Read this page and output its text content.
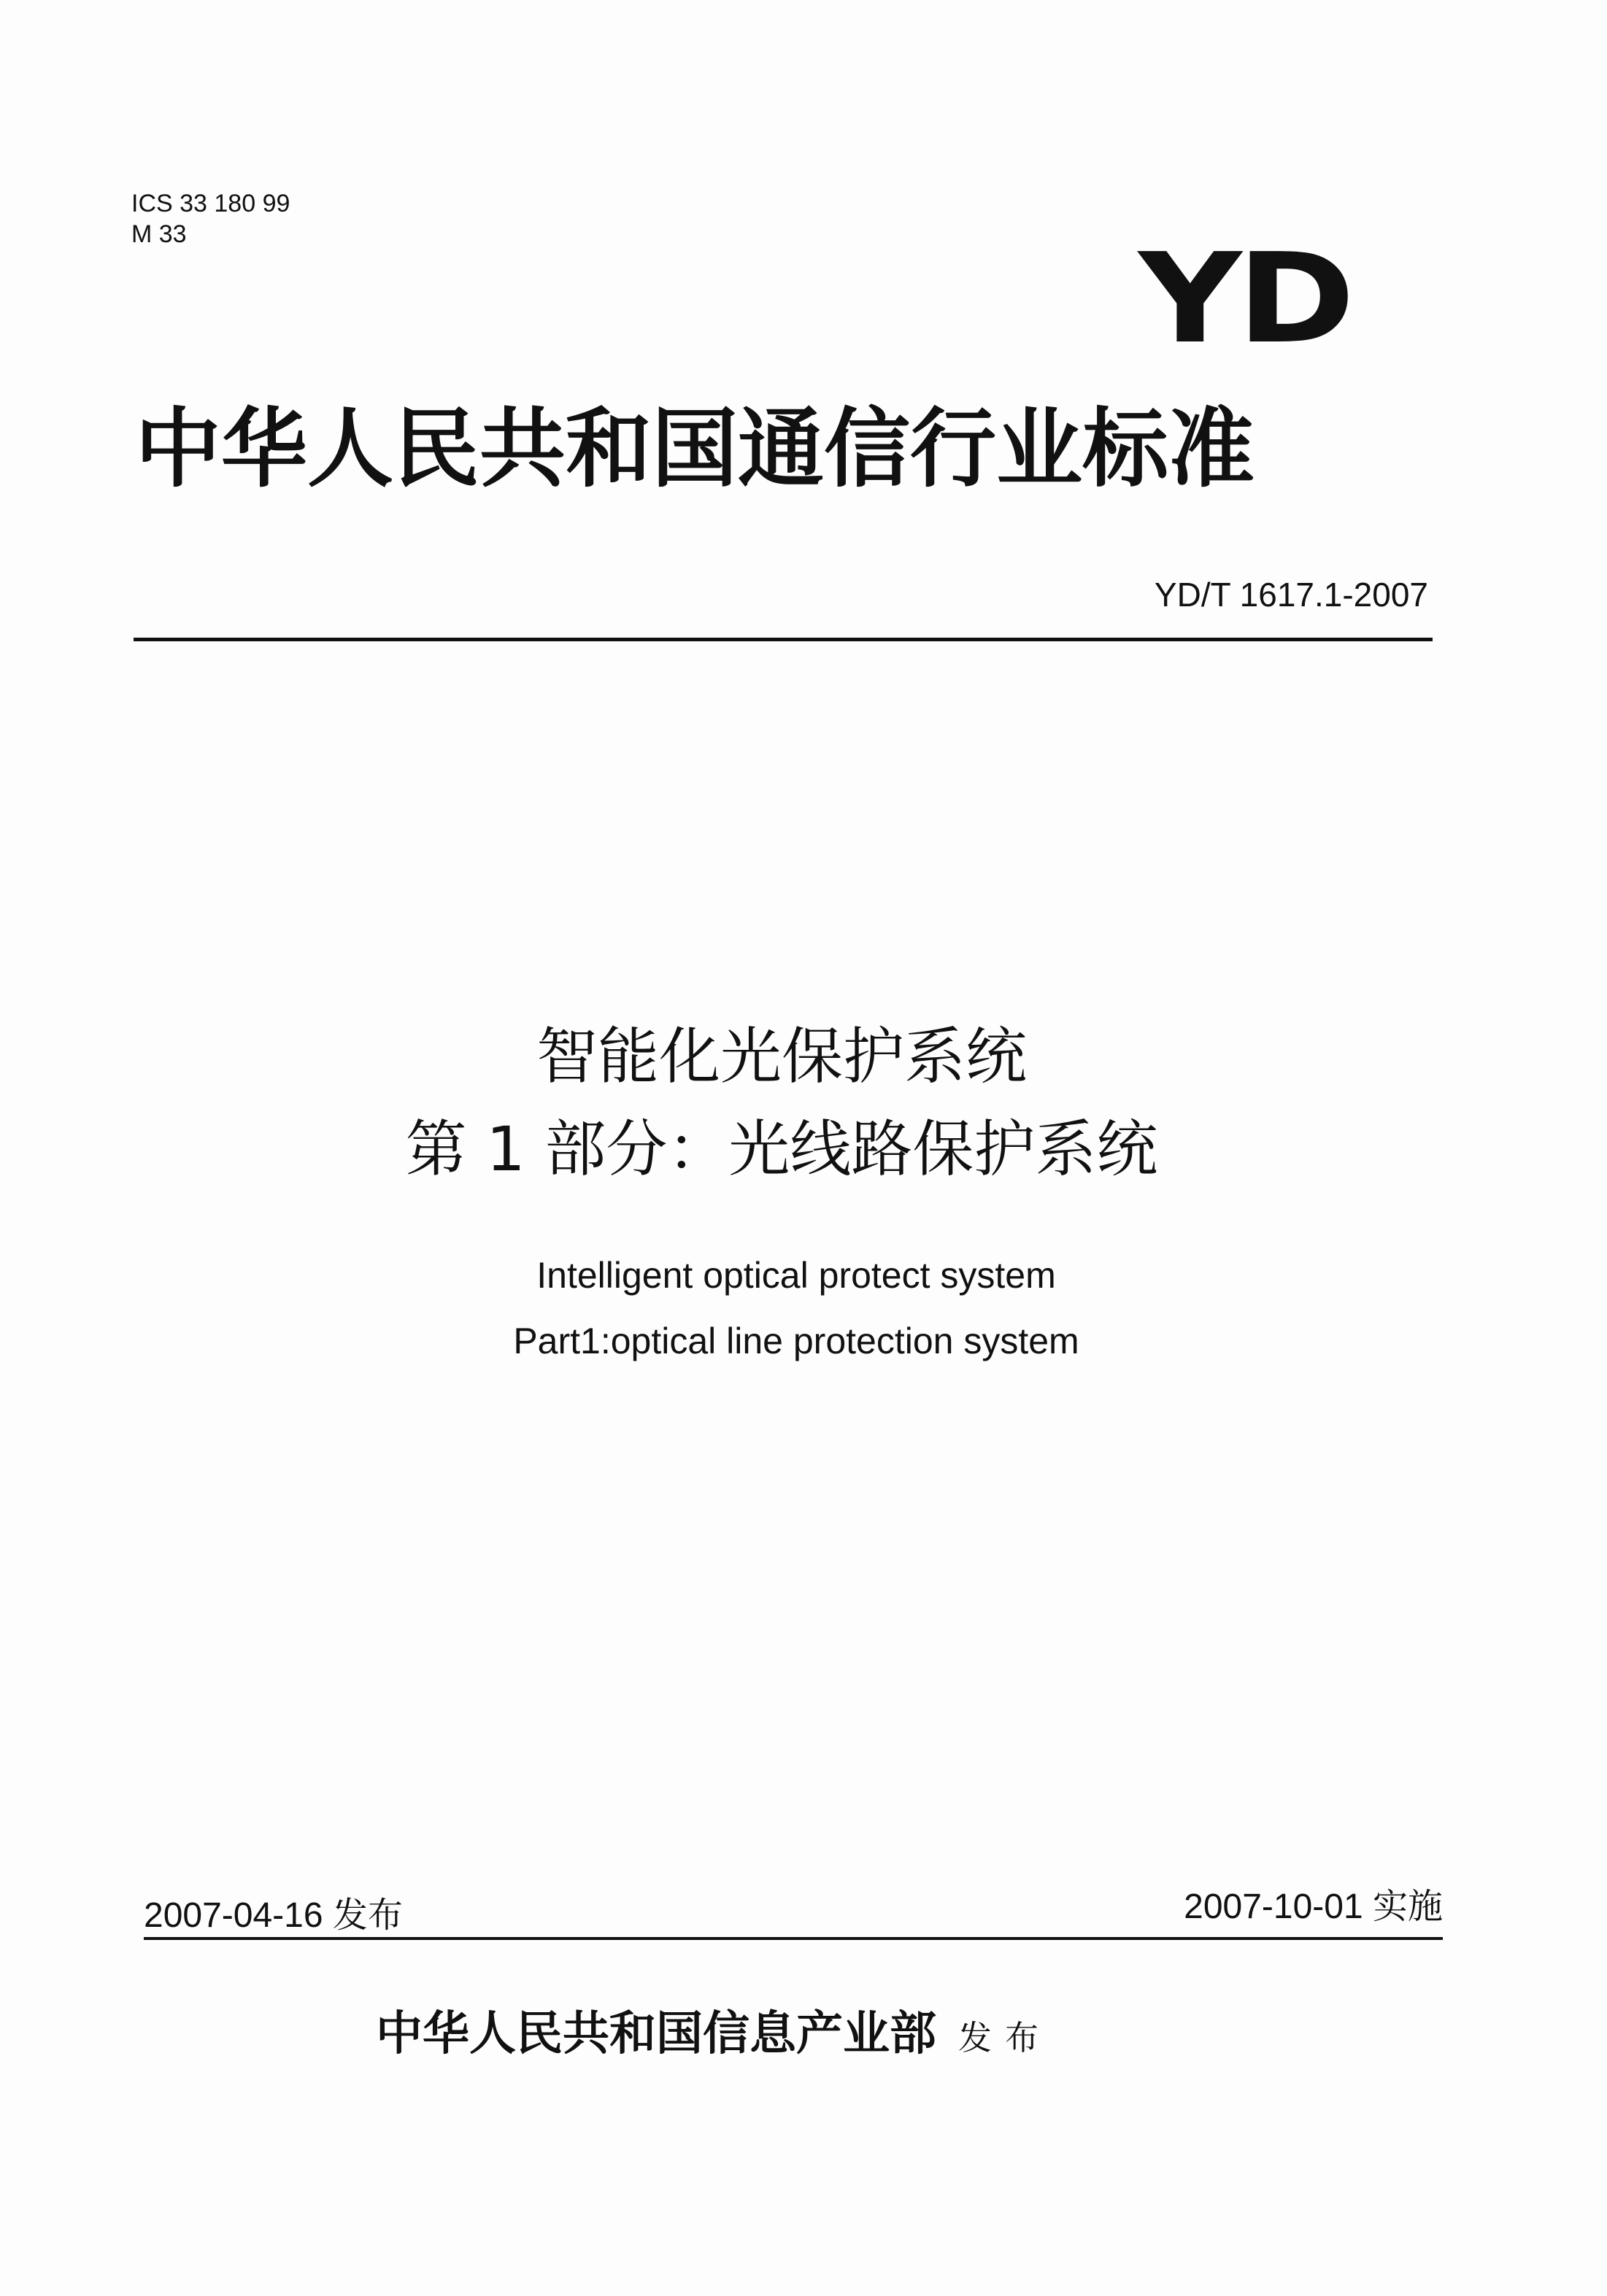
ICS 33 180 99
M 33	YD
中华人民共和国通信行业标准
YD/T 1617.1-2007
智能化光保护系统
第 1 部分：光线路保护系统
Intelligent optical protect system
Part1:optical line protection system
2007-04-16 发布	2007-10-01 实施
中华人民共和国信息产业部 发布
